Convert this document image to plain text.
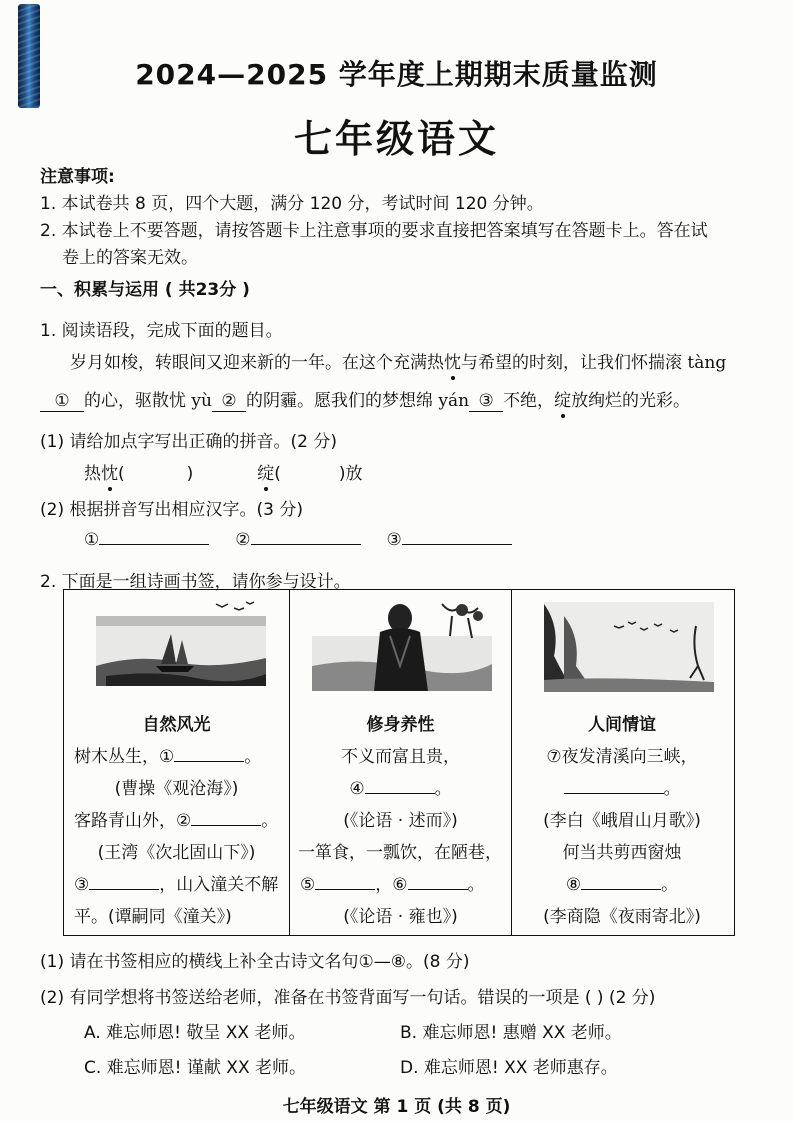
2024—2025 学年度上期期末质量监测
七年级语文
注意事项:
1. 本试卷共 8 页，四个大题，满分 120 分，考试时间 120 分钟。
2. 本试卷上不要答题，请按答题卡上注意事项的要求直接把答案填写在答题卡上。答在试
卷上的答案无效。
一、积累与运用 ( 共23分 )
1. 阅读语段，完成下面的题目。
岁月如梭，转眼间又迎来新的一年。在这个充满热忱与希望的时刻，让我们怀揣滚 tàng
① 的心，驱散忧 yù ② 的阴霾。愿我们的梦想绵 yán ③ 不绝，绽放绚烂的光彩。
(1) 请给加点字写出正确的拼音。(2 分)
热忱(	)	绽(	)放
(2) 根据拼音写出相应汉字。(3 分)
①	②	③
2. 下面是一组诗画书签，请你参与设计。
自然风光
树木丛生，①	。
(曹操《观沧海》)
客路青山外，②	。
(王湾《次北固山下》)
③	，山入潼关不解
平。(谭嗣同《潼关》)
修身养性
不义而富且贵，
④	。
(《论语 · 述而》)
一箪食，一瓢饮，在陋巷，
⑤	，⑥	。
(《论语 · 雍也》)
人间情谊
⑦夜发清溪向三峡，
。
(李白《峨眉山月歌》)
何当共剪西窗烛
⑧	。
(李商隐《夜雨寄北》)
(1) 请在书签相应的横线上补全古诗文名句①—⑧。(8 分)
(2) 有同学想将书签送给老师，准备在书签背面写一句话。错误的一项是 ( ) (2 分)
A. 难忘师恩! 敬呈 XX 老师。	B. 难忘师恩! 惠赠 XX 老师。
C. 难忘师恩! 谨献 XX 老师。	D. 难忘师恩! XX 老师惠存。
七年级语文 第 1 页 (共 8 页)
